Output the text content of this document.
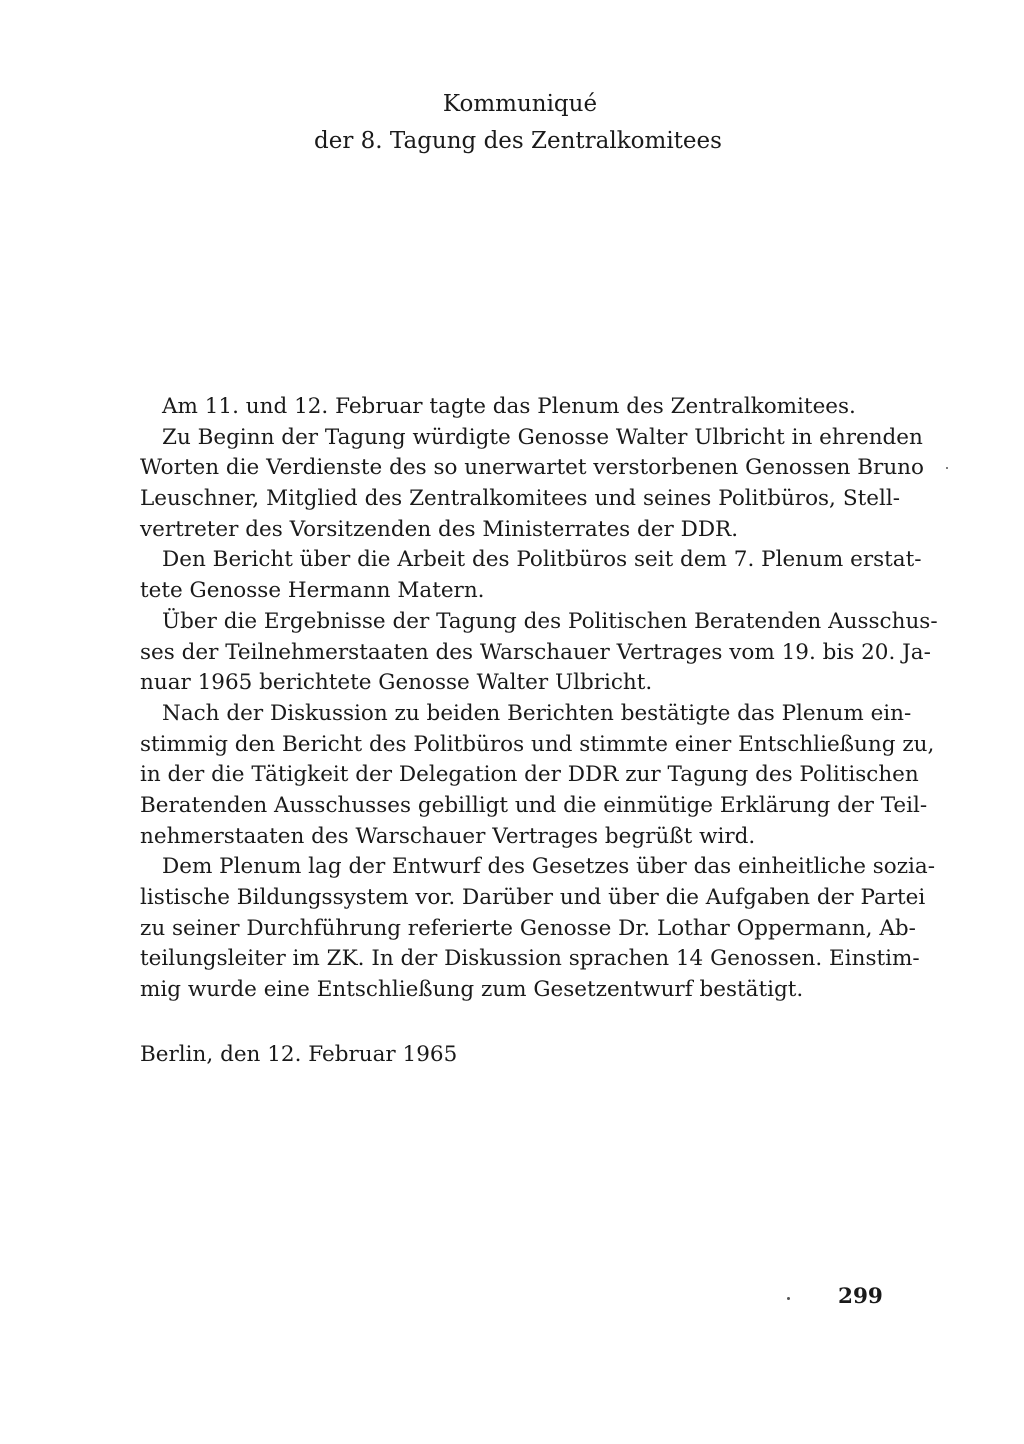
Kommuniqué
der 8. Tagung des Zentralkomitees
Am 11. und 12. Februar tagte das Plenum des Zentralkomitees.
Zu Beginn der Tagung würdigte Genosse Walter Ulbricht in ehrenden
Worten die Verdienste des so unerwartet verstorbenen Genossen Bruno
Leuschner, Mitglied des Zentralkomitees und seines Politbüros, Stell-
vertreter des Vorsitzenden des Ministerrates der DDR.
Den Bericht über die Arbeit des Politbüros seit dem 7. Plenum erstat-
tete Genosse Hermann Matern.
Über die Ergebnisse der Tagung des Politischen Beratenden Ausschus-
ses der Teilnehmerstaaten des Warschauer Vertrages vom 19. bis 20. Ja-
nuar 1965 berichtete Genosse Walter Ulbricht.
Nach der Diskussion zu beiden Berichten bestätigte das Plenum ein-
stimmig den Bericht des Politbüros und stimmte einer Entschließung zu,
in der die Tätigkeit der Delegation der DDR zur Tagung des Politischen
Beratenden Ausschusses gebilligt und die einmütige Erklärung der Teil-
nehmerstaaten des Warschauer Vertrages begrüßt wird.
Dem Plenum lag der Entwurf des Gesetzes über das einheitliche sozia-
listische Bildungssystem vor. Darüber und über die Aufgaben der Partei
zu seiner Durchführung referierte Genosse Dr. Lothar Oppermann, Ab-
teilungsleiter im ZK. In der Diskussion sprachen 14 Genossen. Einstim-
mig wurde eine Entschließung zum Gesetzentwurf bestätigt.
Berlin, den 12. Februar 1965
299
